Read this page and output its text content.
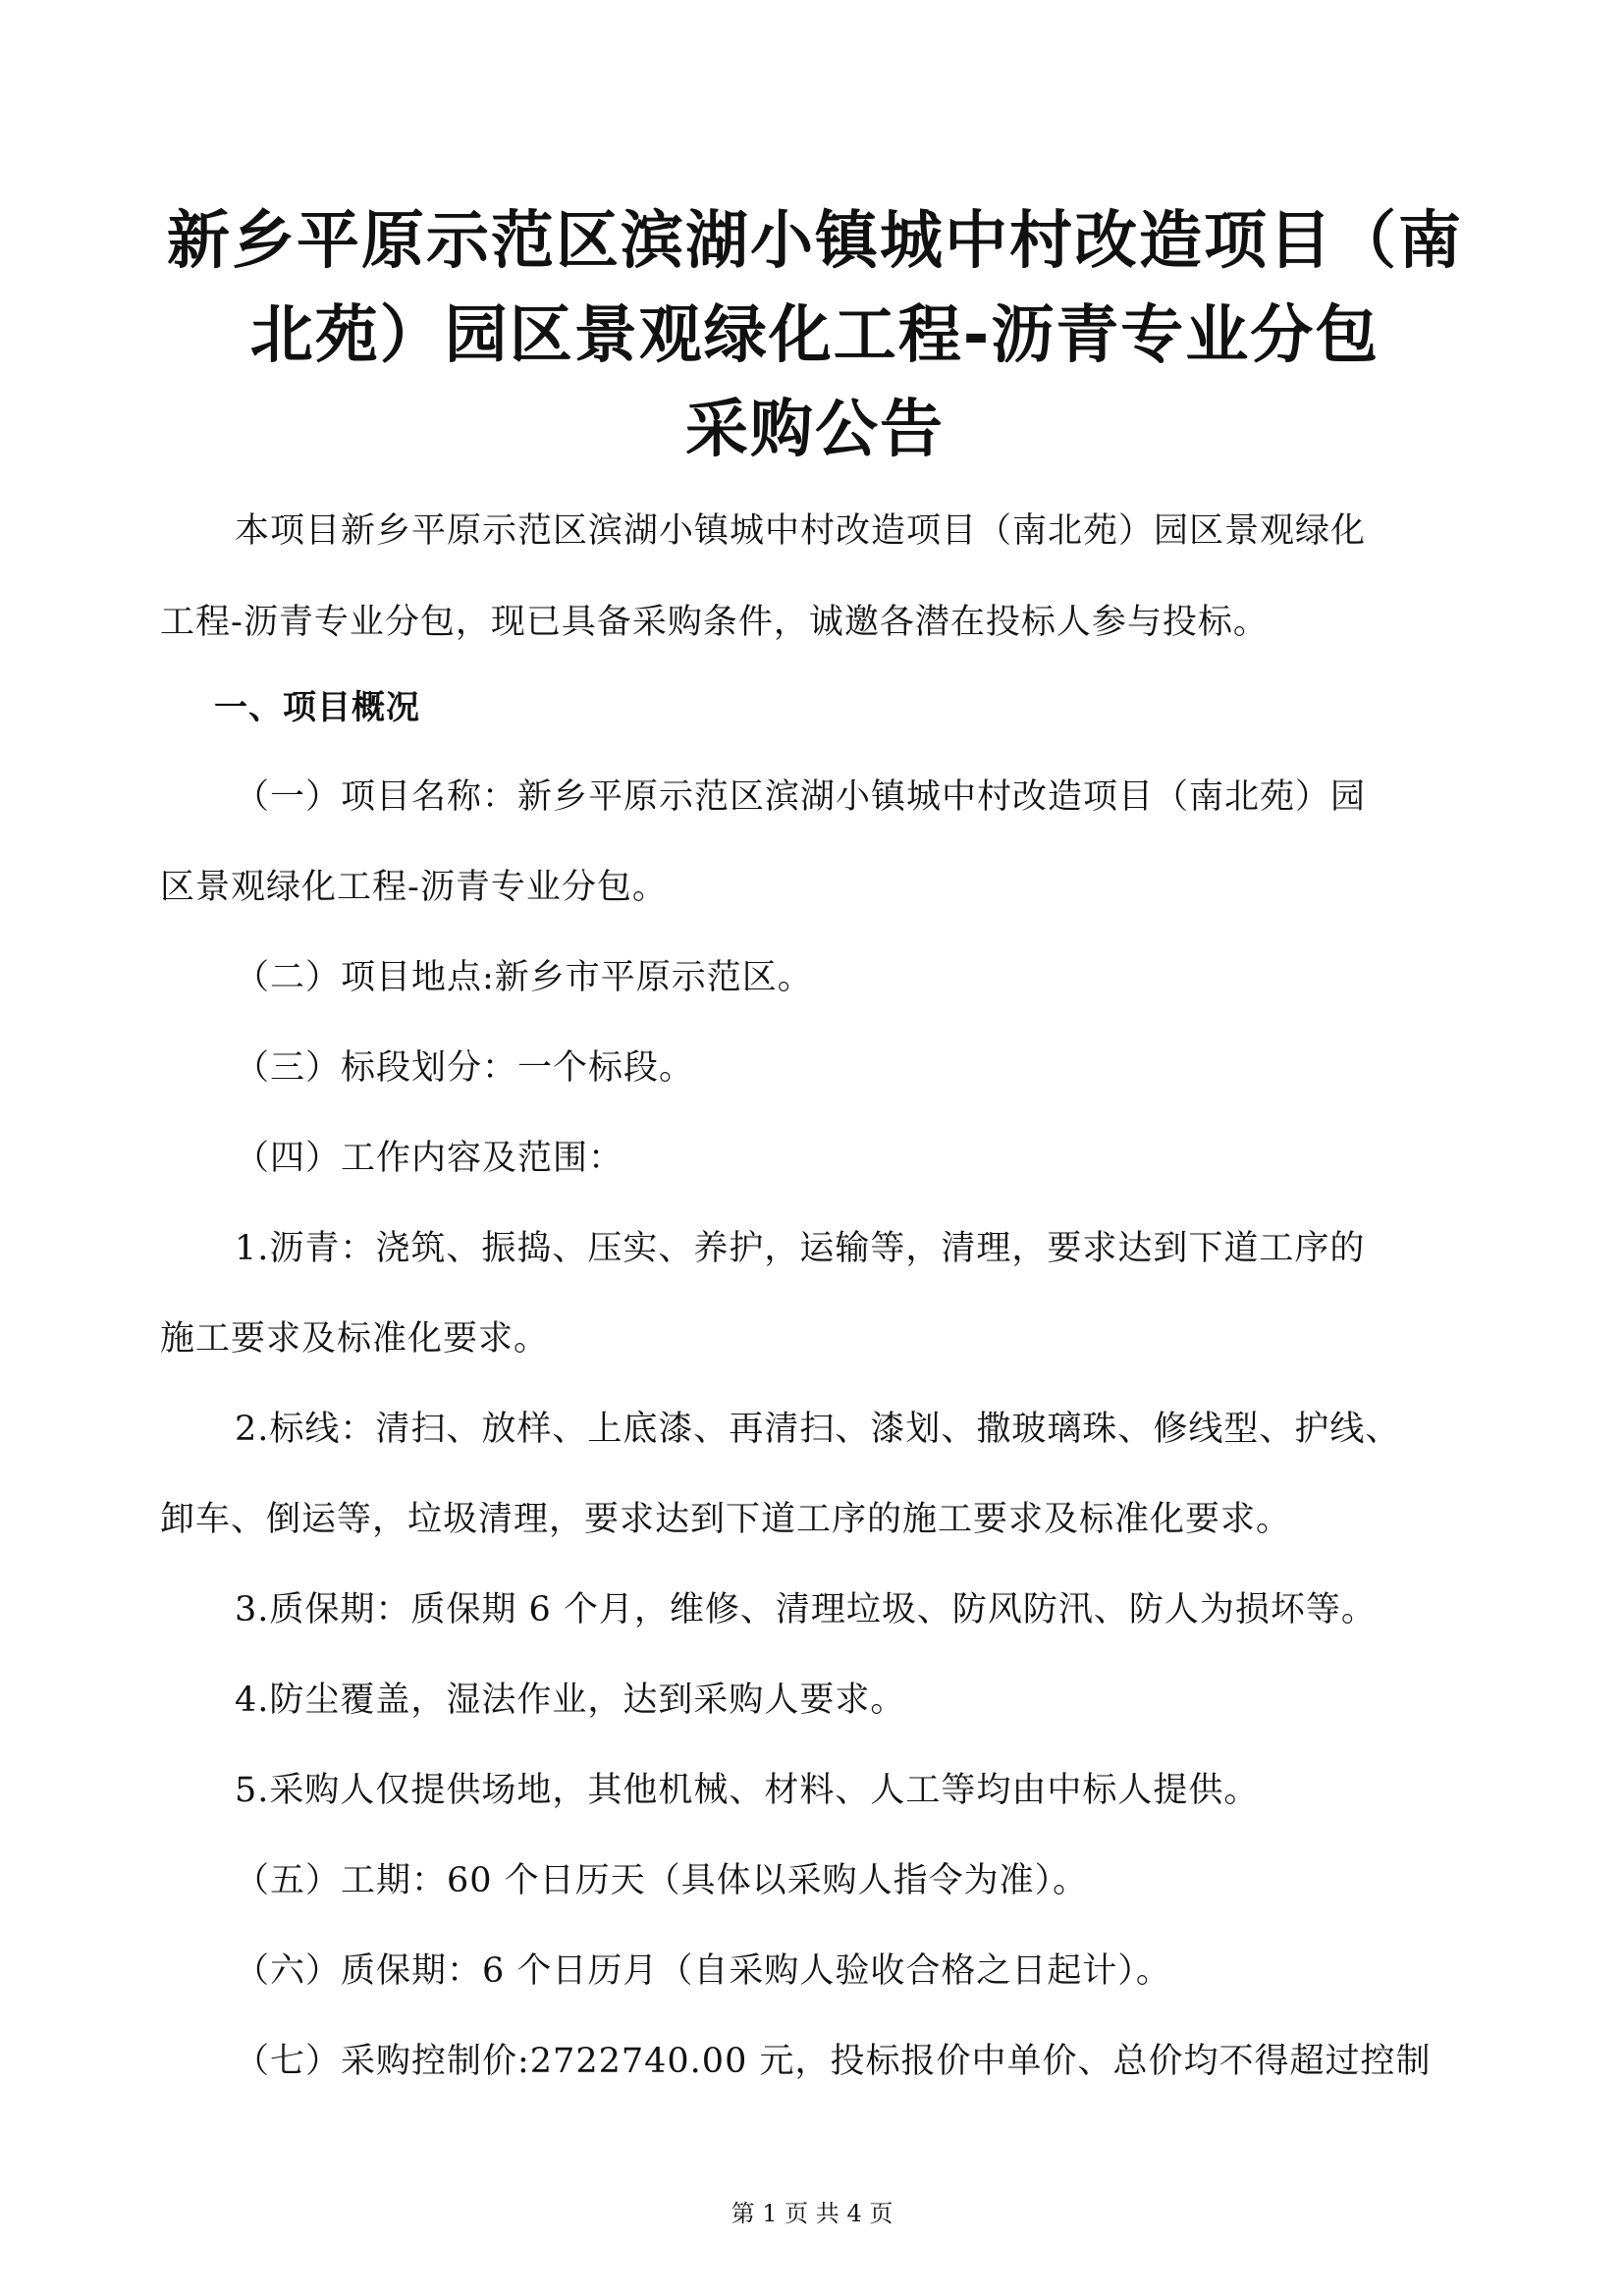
新乡平原示范区滨湖小镇城中村改造项目（南
北苑）园区景观绿化工程-沥青专业分包
采购公告

本项目新乡平原示范区滨湖小镇城中村改造项目（南北苑）园区景观绿化

工程-沥青专业分包，现已具备采购条件，诚邀各潜在投标人参与投标。

一、项目概况

（一）项目名称：新乡平原示范区滨湖小镇城中村改造项目（南北苑）园

区景观绿化工程-沥青专业分包。

（二）项目地点:新乡市平原示范区。

（三）标段划分：一个标段。

（四）工作内容及范围：

1.沥青：浇筑、振捣、压实、养护，运输等，清理，要求达到下道工序的

施工要求及标准化要求。

2.标线：清扫、放样、上底漆、再清扫、漆划、撒玻璃珠、修线型、护线、

卸车、倒运等，垃圾清理，要求达到下道工序的施工要求及标准化要求。

3.质保期：质保期 6 个月，维修、清理垃圾、防风防汛、防人为损坏等。

4.防尘覆盖，湿法作业，达到采购人要求。

5.采购人仅提供场地，其他机械、材料、人工等均由中标人提供。

（五）工期：60 个日历天（具体以采购人指令为准）。

（六）质保期：6 个日历月（自采购人验收合格之日起计）。

（七）采购控制价:2722740.00 元，投标报价中单价、总价均不得超过控制

第 1 页 共 4 页
